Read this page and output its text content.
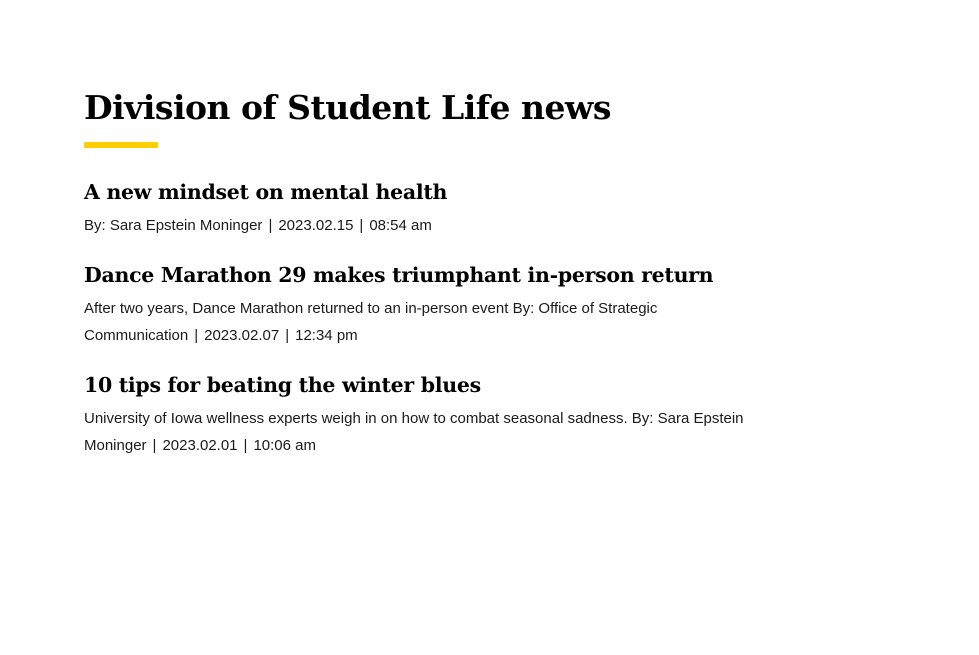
Division of Student Life news
A new mindset on mental health
By: Sara Epstein Moninger | 2023.02.15 | 08:54 am
Dance Marathon 29 makes triumphant in-person return
After two years, Dance Marathon returned to an in-person event By: Office of Strategic Communication | 2023.02.07 | 12:34 pm
10 tips for beating the winter blues
University of Iowa wellness experts weigh in on how to combat seasonal sadness. By: Sara Epstein Moninger | 2023.02.01 | 10:06 am
